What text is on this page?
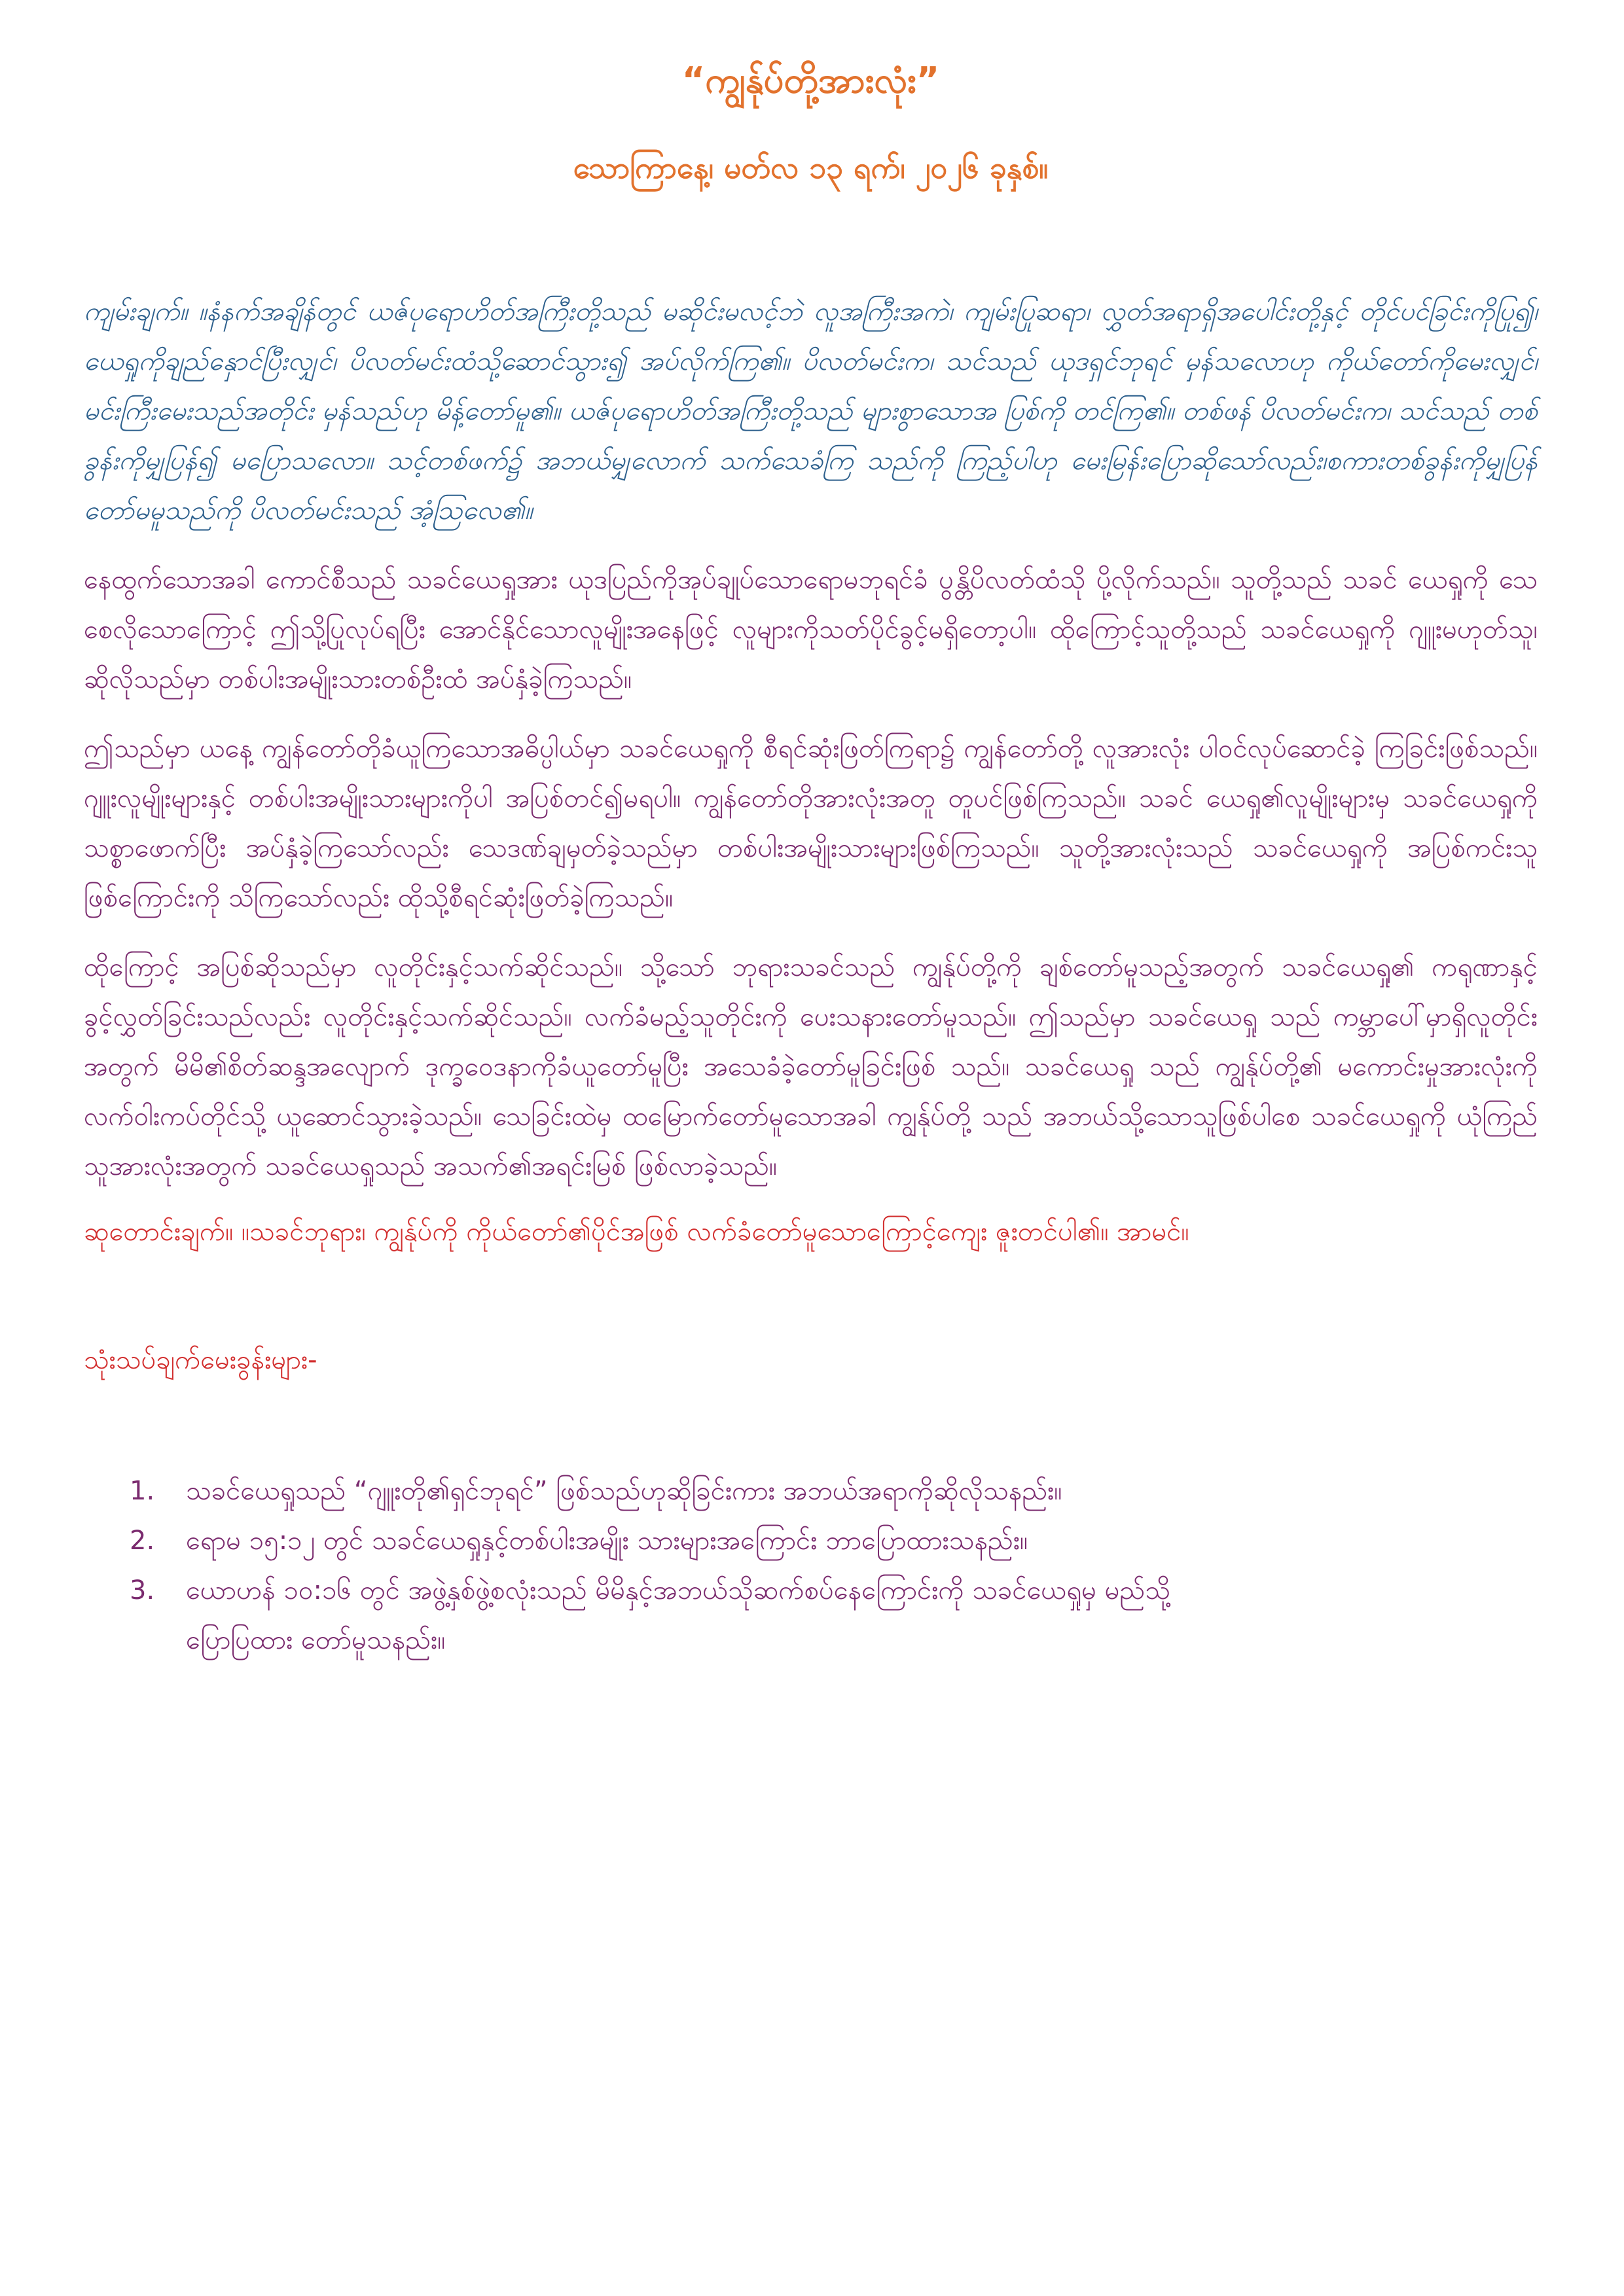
“ကျွန်ုပ်တို့အားလုံး”
သောကြာနေ့၊ မတ်လ ၁၃ ရက်၊ ၂၀၂၆ ခုနှစ်။

ကျမ်းချက်။ ။နံနက်အချိန်တွင် ယဇ်ပုရောဟိတ်အကြီးတို့သည် မဆိုင်းမလင့်ဘဲ လူအကြီးအကဲ၊ ကျမ်းပြုဆရာ၊ လွှတ်အရာရှိအပေါင်းတို့နှင့် တိုင်ပင်ခြင်းကိုပြု၍၊ ယေရှုကိုချည်နှောင်ပြီးလျှင်၊ ပိလတ်မင်းထံသို့ဆောင်သွား၍ အပ်လိုက်ကြ၏။ ပိလတ်မင်းက၊ သင်သည် ယုဒရှင်ဘုရင် မှန်သလောဟု ကိုယ်တော်ကိုမေးလျှင်၊ မင်းကြီးမေးသည်အတိုင်း မှန်သည်ဟု မိန့်တော်မူ၏။ ယဇ်ပုရောဟိတ်အကြီးတို့သည် များစွာသောအ ပြစ်ကို တင်ကြ၏။ တစ်ဖန် ပိလတ်မင်းက၊ သင်သည် တစ်ခွန်းကိုမျှပြန်၍ မပြောသလော။ သင့်တစ်ဖက်၌ အဘယ်မျှလောက် သက်သေခံကြ သည်ကို ကြည့်ပါဟု မေးမြန်းပြောဆိုသော်လည်း၊စကားတစ်ခွန်းကိုမျှပြန်တော်မမူသည်ကို ပိလတ်မင်းသည် အံ့ဩလေ၏။

နေထွက်သောအခါ ကောင်စီသည် သခင်ယေရှုအား ယုဒပြည်ကိုအုပ်ချုပ်သောရောမဘုရင်ခံ ပွန္တိပိလတ်ထံသို ပို့လိုက်သည်။ သူတို့သည် သခင် ယေရှုကို သေစေလိုသောကြောင့် ဤသို့ပြုလုပ်ရပြီး အောင်နိုင်သောလူမျိုးအနေဖြင့် လူများကိုသတ်ပိုင်ခွင့်မရှိတော့ပါ။ ထိုကြောင့်သူတို့သည် သခင်ယေရှုကို ဂျူးမဟုတ်သူ၊ ဆိုလိုသည်မှာ တစ်ပါးအမျိုးသားတစ်ဦးထံ အပ်နှံခဲ့ကြသည်။

ဤသည်မှာ ယနေ့ ကျွန်တော်တိုခံယူကြသောအဓိပ္ပါယ်မှာ သခင်ယေရှုကို စီရင်ဆုံးဖြတ်ကြရာ၌ ကျွန်တော်တို့ လူအားလုံး ပါဝင်လုပ်ဆောင်ခဲ့ ကြခြင်းဖြစ်သည်။ ဂျူးလူမျိုးများနှင့် တစ်ပါးအမျိုးသားများကိုပါ အပြစ်တင်၍မရပါ။ ကျွန်တော်တိုအားလုံးအတူ တူပင်ဖြစ်ကြသည်။ သခင် ယေရှု၏လူမျိုးများမှ သခင်ယေရှုကို သစ္စာဖောက်ပြီး အပ်နှံခဲ့ကြသော်လည်း သေဒဏ်ချမှတ်ခဲ့သည်မှာ တစ်ပါးအမျိုးသားများဖြစ်ကြသည်။ သူတို့အားလုံးသည် သခင်ယေရှုကို အပြစ်ကင်းသူဖြစ်ကြောင်းကို သိကြသော်လည်း ထိုသို့စီရင်ဆုံးဖြတ်ခဲ့ကြသည်။

ထိုကြောင့် အပြစ်ဆိုသည်မှာ လူတိုင်းနှင့်သက်ဆိုင်သည်။ သို့သော် ဘုရားသခင်သည် ကျွန်ုပ်တို့ကို ချစ်တော်မူသည့်အတွက် သခင်ယေရှု၏ ကရုဏာနှင့် ခွင့်လွှတ်ခြင်းသည်လည်း လူတိုင်းနှင့်သက်ဆိုင်သည်။ လက်ခံမည့်သူတိုင်းကို ပေးသနားတော်မူသည်။ ဤသည်မှာ သခင်ယေရှု သည် ကမ္ဘာပေါ်မှာရှိလူတိုင်းအတွက် မိမိ၏စိတ်ဆန္ဒအလျောက် ဒုက္ခဝေဒနာကိုခံယူတော်မူပြီး အသေခံခဲ့တော်မူခြင်းဖြစ် သည်။ သခင်ယေရှု သည် ကျွန်ုပ်တို့၏ မကောင်းမှုအားလုံးကို လက်ဝါးကပ်တိုင်သို့ ယူဆောင်သွားခဲ့သည်။ သေခြင်းထဲမှ ထမြောက်တော်မူသောအခါ ကျွန်ုပ်တို့ သည် အဘယ်သို့သောသူဖြစ်ပါစေ သခင်ယေရှုကို ယုံကြည်သူအားလုံးအတွက် သခင်ယေရှုသည် အသက်၏အရင်းမြစ် ဖြစ်လာခဲ့သည်။

ဆုတောင်းချက်။ ။သခင်ဘုရား၊ ကျွန်ုပ်ကို ကိုယ်တော်၏ပိုင်အဖြစ် လက်ခံတော်မူသောကြောင့်ကျေး ဇူးတင်ပါ၏။ အာမင်။

သုံးသပ်ချက်မေးခွန်းများ-
1.	သခင်ယေရှုသည် “ဂျူးတို၏ရှင်ဘုရင်” ဖြစ်သည်ဟုဆိုခြင်းကား အဘယ်အရာကိုဆိုလိုသနည်း။
2.	ရောမ ၁၅:၁၂ တွင် သခင်ယေရှုနှင့်တစ်ပါးအမျိုး သားများအကြောင်း ဘာပြောထားသနည်း။
3.	ယောဟန် ၁၀:၁၆ တွင် အဖွဲ့နှစ်ဖွဲ့စလုံးသည် မိမိနှင့်အဘယ်သိုဆက်စပ်နေကြောင်းကို သခင်ယေရှုမှ မည်သို့ပြောပြထား တော်မူသနည်း။
